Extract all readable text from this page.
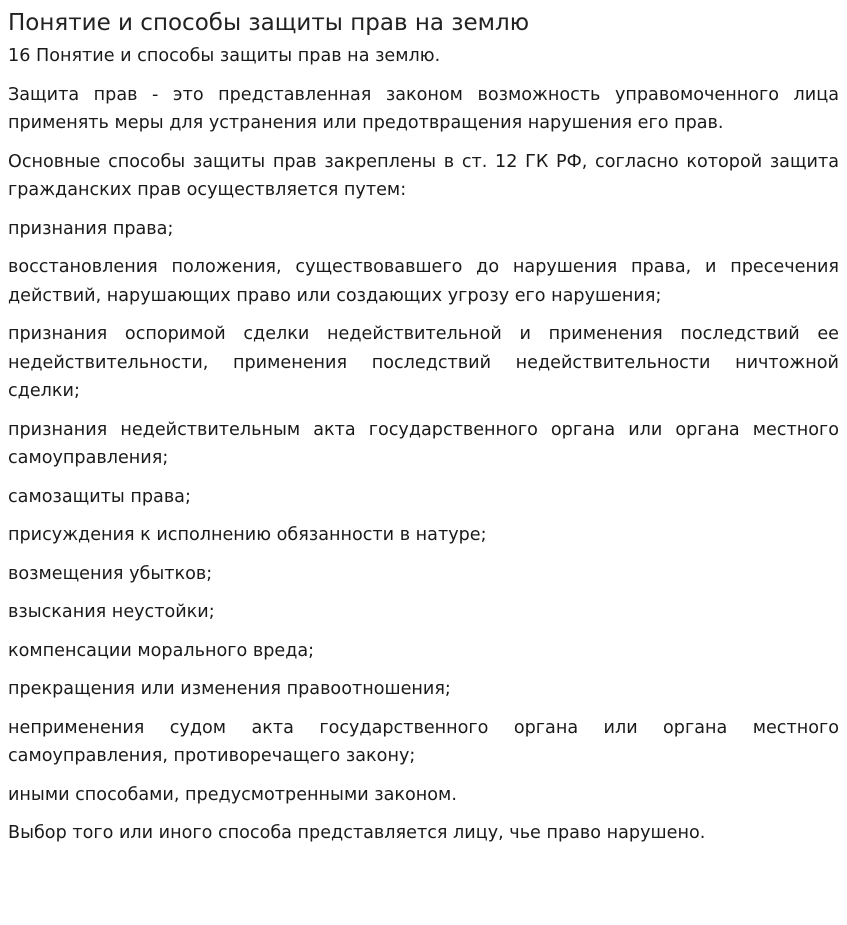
Понятие и способы защиты прав на землю

16 Понятие и способы защиты прав на землю.

Защита прав - это представленная законом возможность управомоченного лица применять меры для устранения или предотвращения нарушения его прав.

Основные способы защиты прав закреплены в ст. 12 ГК РФ, согласно которой защита гражданских прав осуществляется путем:

признания права;

восстановления положения, существовавшего до нарушения права, и пресечения действий, нарушающих право или создающих угрозу его нарушения;

признания оспоримой сделки недействительной и применения последствий ее недействительности, применения последствий недействительности ничтожной сделки;

признания недействительным акта государственного органа или органа местного самоуправления;

самозащиты права;

присуждения к исполнению обязанности в натуре;

возмещения убытков;

взыскания неустойки;

компенсации морального вреда;

прекращения или изменения правоотношения;

неприменения судом акта государственного органа или органа местного самоуправления, противоречащего закону;

иными способами, предусмотренными законом.

Выбор того или иного способа представляется лицу, чье право нарушено.
